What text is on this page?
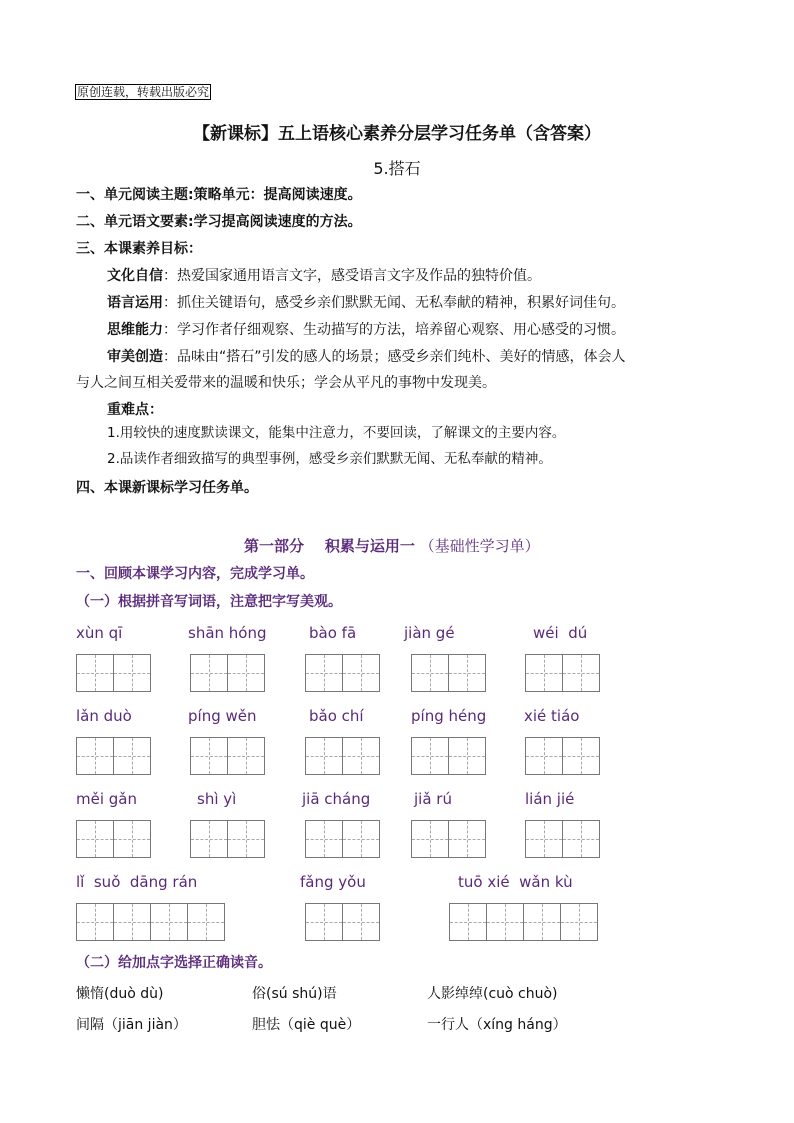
原创连载，转载出版必究
【新课标】五上语核心素养分层学习任务单（含答案）
5.搭石
一、单元阅读主题:策略单元：提高阅读速度。
二、单元语文要素:学习提高阅读速度的方法。
三、本课素养目标：
文化自信：热爱国家通用语言文字，感受语言文字及作品的独特价值。
语言运用：抓住关键语句，感受乡亲们默默无闻、无私奉献的精神，积累好词佳句。
思维能力：学习作者仔细观察、生动描写的方法，培养留心观察、用心感受的习惯。
审美创造：品味由“搭石”引发的感人的场景；感受乡亲们纯朴、美好的情感，体会人
与人之间互相关爱带来的温暖和快乐；学会从平凡的事物中发现美。
重难点：
1.用较快的速度默读课文，能集中注意力，不要回读，了解课文的主要内容。
2.品读作者细致描写的典型事例，感受乡亲们默默无闻、无私奉献的精神。
四、本课新课标学习任务单。
第一部分    积累与运用一 （基础性学习单）
一、回顾本课学习内容，完成学习单。
（一）根据拼音写词语，注意把字写美观。
xùn qī	shān hóng	bào fā	jiàn gé	wéi  dú
lǎn duò	píng wěn	bǎo chí	píng héng	xié tiáo
měi gǎn	shì yì	jiā cháng	jiǎ rú	lián jié
lǐ  suǒ  dāng rán	fǎng yǒu	tuō xié  wǎn kù
（二）给加点字选择正确读音。
懒惰(duò dù)	俗(sú shú)语	人影绰绰(cuò chuò)
间隔（jiān jiàn）	胆怯（qiè què）	一行人（xíng háng）
